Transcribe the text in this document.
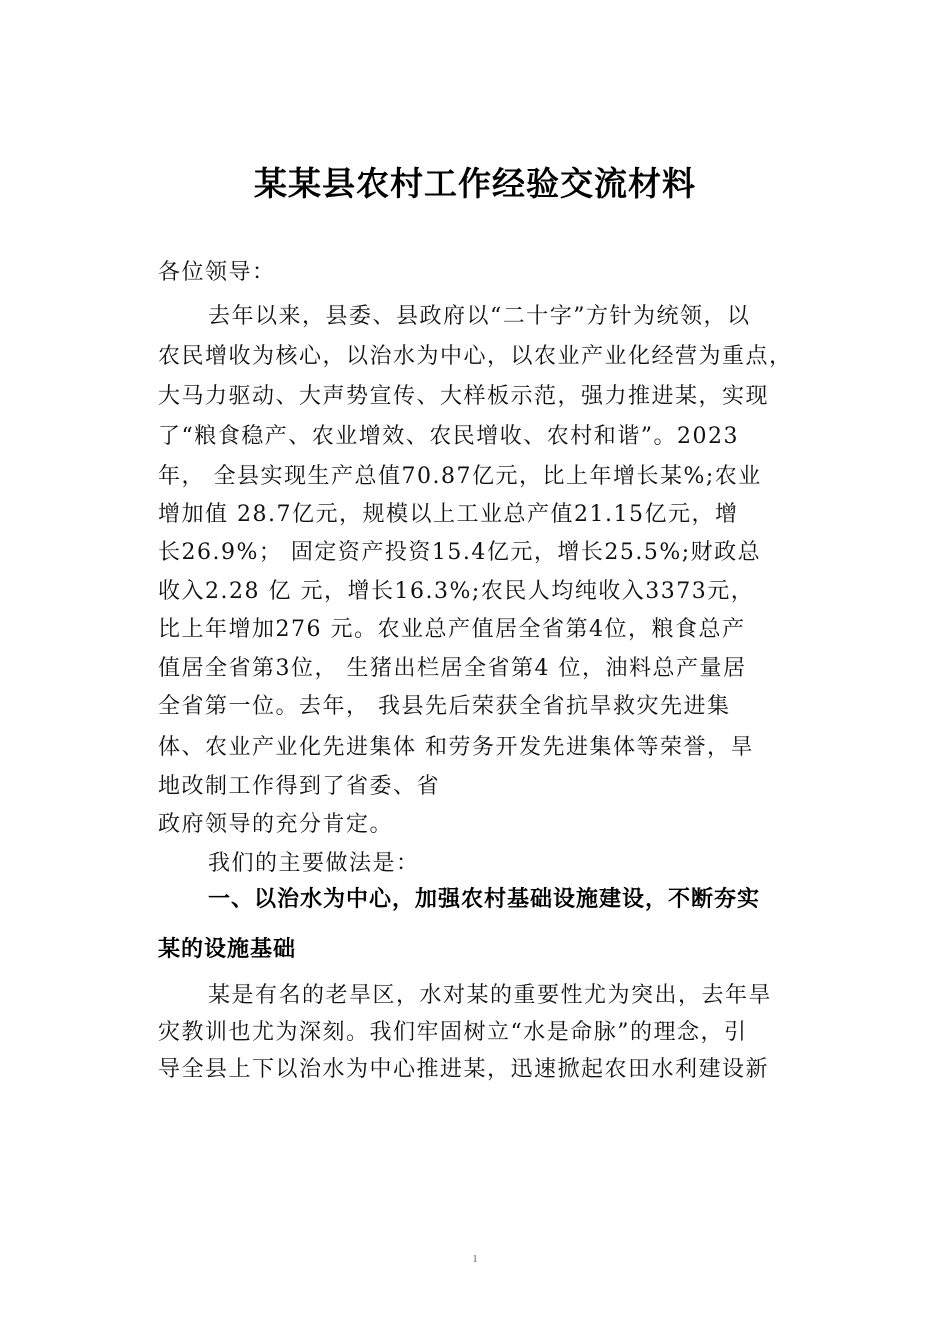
某某县农村工作经验交流材料
各位领导：
去年以来，县委、县政府以“二十字”方针为统领，以
农民增收为核心，以治水为中心，以农业产业化经营为重点，
大马力驱动、大声势宣传、大样板示范，强力推进某，实现
了“粮食稳产、农业增效、农民增收、农村和谐”。2023
年， 全县实现生产总值70.87亿元，比上年增长某%;农业
增加值 28.7亿元，规模以上工业总产值21.15亿元，增
长26.9%； 固定资产投资15.4亿元，增长25.5%;财政总
收入2.28 亿 元，增长16.3%;农民人均纯收入3373元，
比上年增加276 元。农业总产值居全省第4位，粮食总产
值居全省第3位， 生猪出栏居全省第4 位，油料总产量居
全省第一位。去年， 我县先后荣获全省抗旱救灾先进集
体、农业产业化先进集体 和劳务开发先进集体等荣誉，旱
地改制工作得到了省委、省
政府领导的充分肯定。
我们的主要做法是：
一、以治水为中心，加强农村基础设施建设，不断夯实
某的设施基础
某是有名的老旱区，水对某的重要性尤为突出，去年旱
灾教训也尤为深刻。我们牢固树立“水是命脉”的理念，引
导全县上下以治水为中心推进某，迅速掀起农田水利建设新
1
